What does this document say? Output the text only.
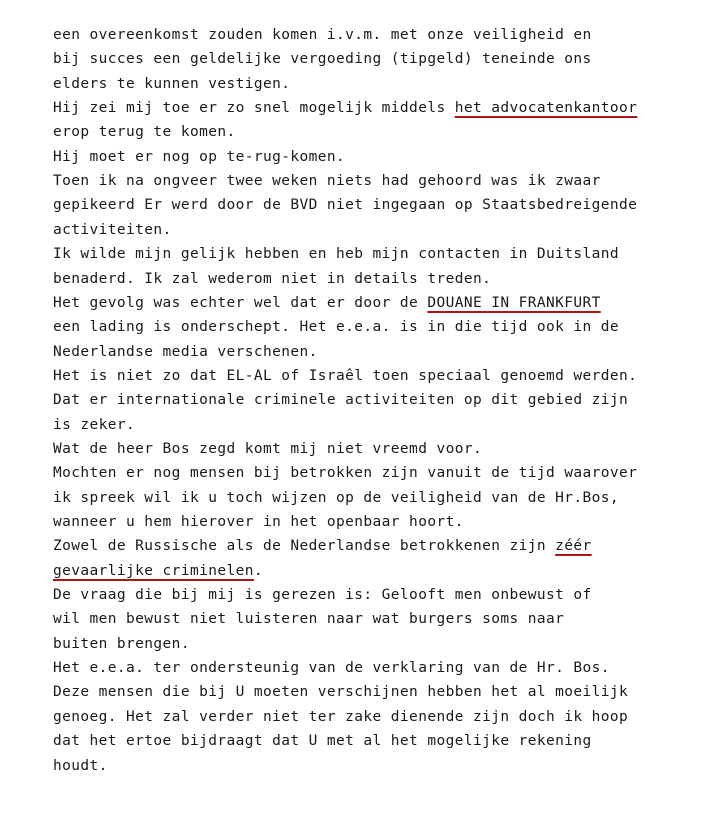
een overeenkomst zouden komen i.v.m. met onze veiligheid en
bij succes een geldelijke vergoeding (tipgeld) teneinde ons
elders te kunnen vestigen.
Hij zei mij toe er zo snel mogelijk middels het advocatenkantoor
erop terug te komen.
Hij moet er nog op te-rug-komen.
Toen ik na ongveer twee weken niets had gehoord was ik zwaar
gepikeerd Er werd door de BVD niet ingegaan op Staatsbedreigende
activiteiten.
Ik wilde mijn gelijk hebben en heb mijn contacten in Duitsland
benaderd. Ik zal wederom niet in details treden.
Het gevolg was echter wel dat er door de DOUANE IN FRANKFURT
een lading is onderschept. Het e.e.a. is in die tijd ook in de
Nederlandse media verschenen.
Het is niet zo dat EL-AL of Israêl toen speciaal genoemd werden.
Dat er internationale criminele activiteiten op dit gebied zijn
is zeker.
Wat de heer Bos zegd komt mij niet vreemd voor.
Mochten er nog mensen bij betrokken zijn vanuit de tijd waarover
ik spreek wil ik u toch wijzen op de veiligheid van de Hr.Bos,
wanneer u hem hierover in het openbaar hoort.
Zowel de Russische als de Nederlandse betrokkenen zijn zéér
gevaarlijke criminelen.
De vraag die bij mij is gerezen is: Gelooft men onbewust of
wil men bewust niet luisteren naar wat burgers soms naar
buiten brengen.
Het e.e.a. ter ondersteunig van de verklaring van de Hr. Bos.
Deze mensen die bij U moeten verschijnen hebben het al moeilijk
genoeg. Het zal verder niet ter zake dienende zijn doch ik hoop
dat het ertoe bijdraagt dat U met al het mogelijke rekening
houdt.
